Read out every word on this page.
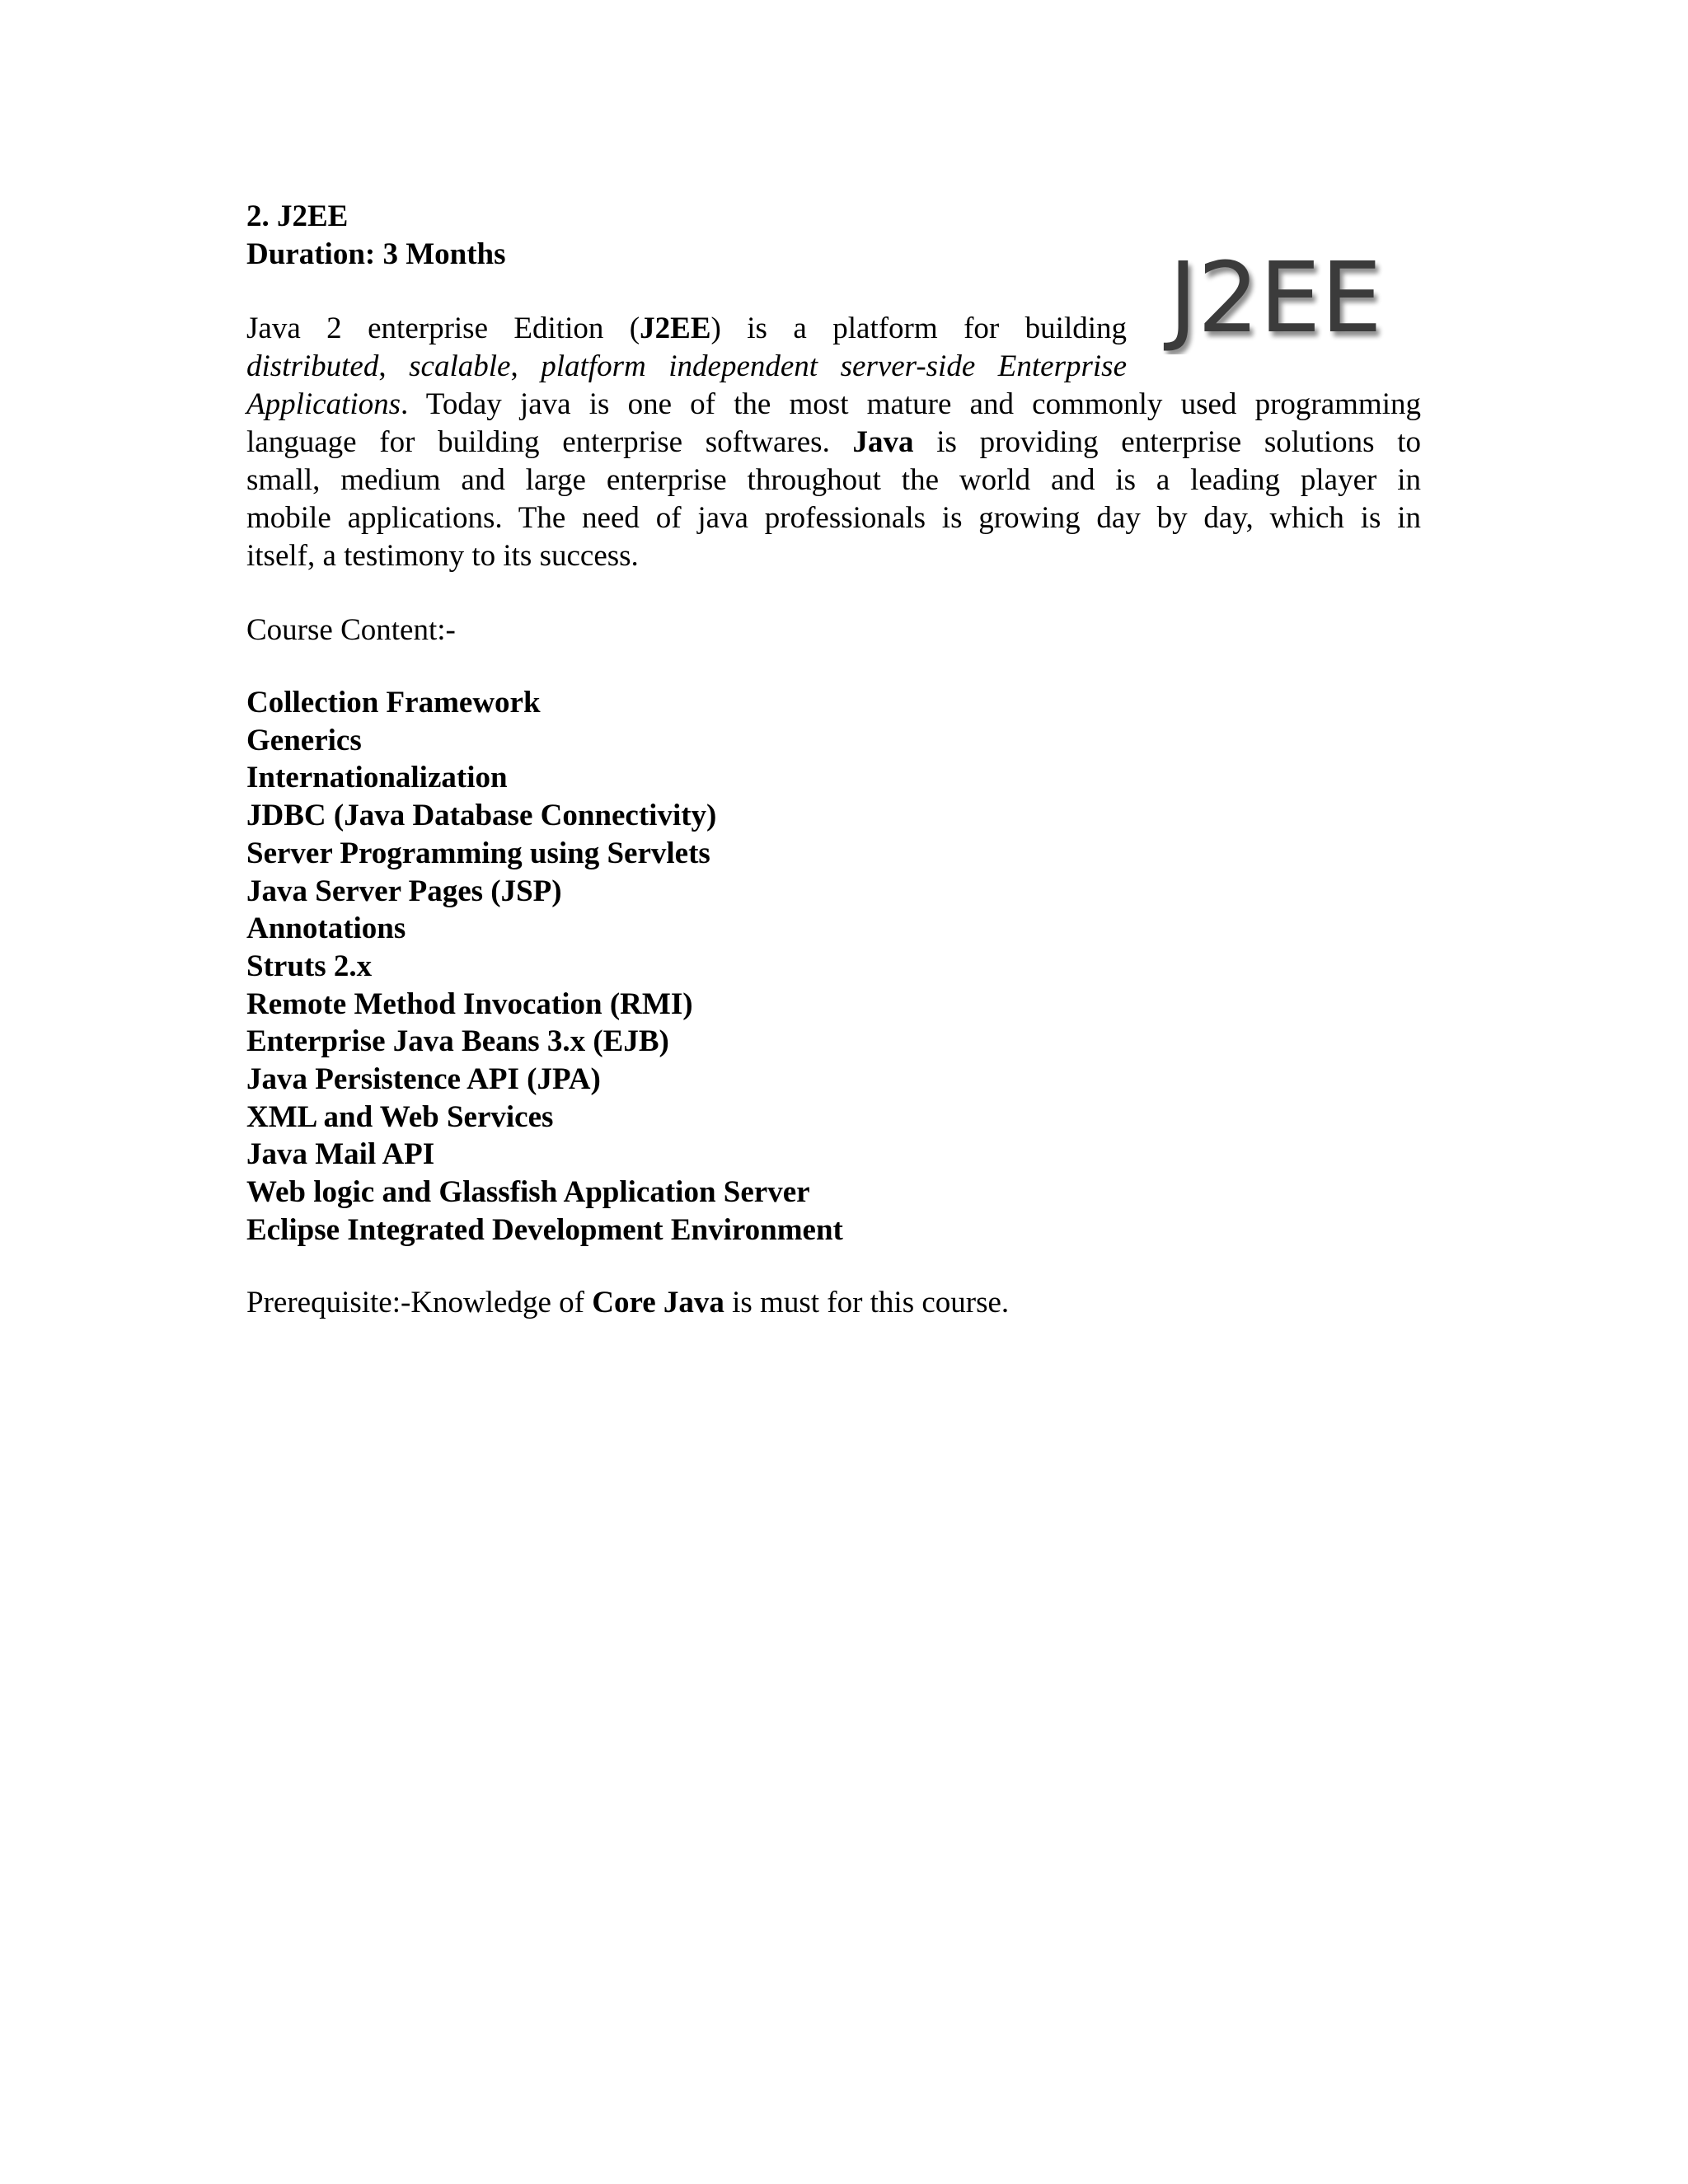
2. J2EE
Duration: 3 Months	J2EE
Java 2 enterprise Edition (J2EE) is a platform for building
distributed, scalable, platform independent server-side Enterprise
Applications. Today java is one of the most mature and commonly used programming
language for building enterprise softwares. Java is providing enterprise solutions to
small, medium and large enterprise throughout the world and is a leading player in
mobile applications. The need of java professionals is growing day by day, which is in
itself, a testimony to its success.
Course Content:-
Collection Framework
Generics
Internationalization
JDBC (Java Database Connectivity)
Server Programming using Servlets
Java Server Pages (JSP)
Annotations
Struts 2.x
Remote Method Invocation (RMI)
Enterprise Java Beans 3.x (EJB)
Java Persistence API (JPA)
XML and Web Services
Java Mail API
Web logic and Glassfish Application Server
Eclipse Integrated Development Environment
Prerequisite:-Knowledge of Core Java is must for this course.
